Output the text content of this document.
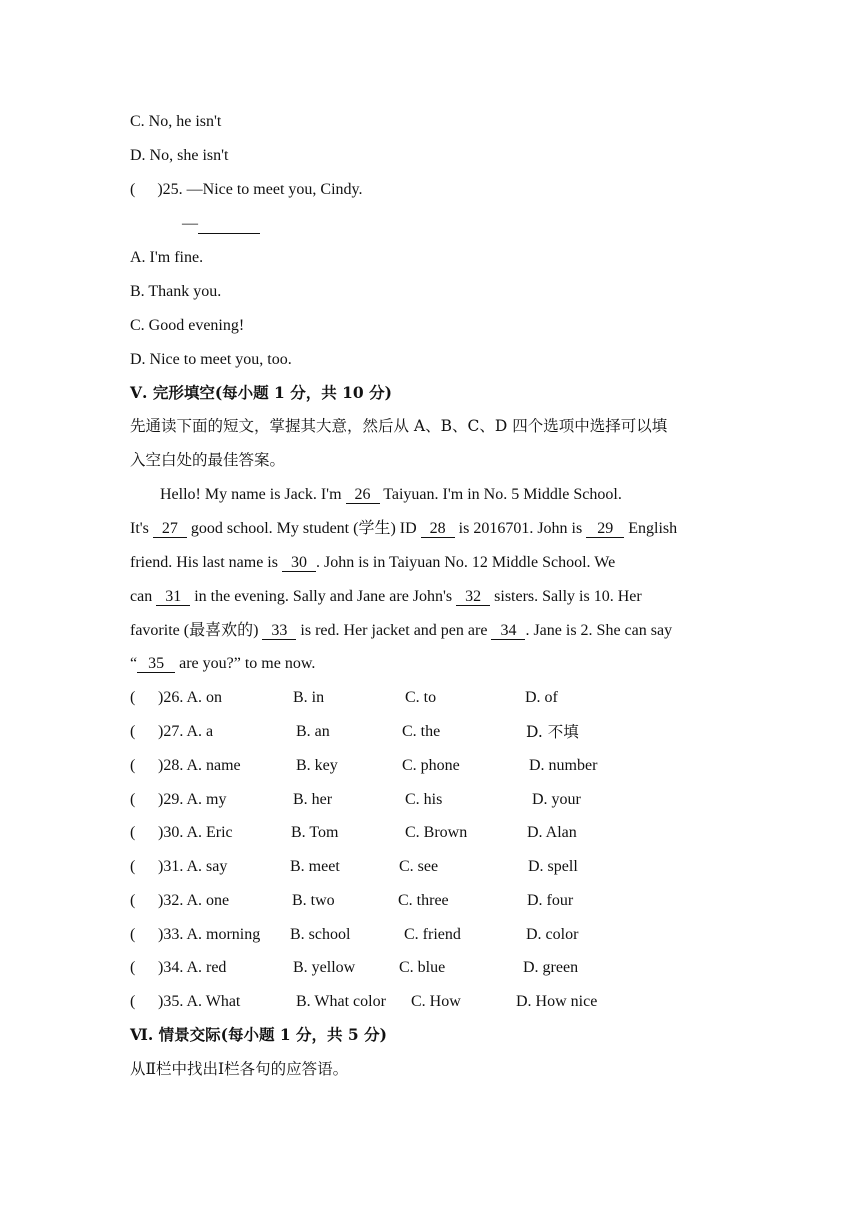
C. No, he isn't
D. No, she isn't
( )25. —Nice to meet you, Cindy.
—
A. I'm fine.
B. Thank you.
C. Good evening!
D. Nice to meet you, too.
Ⅴ. 完形填空(每小题 1 分，共 10 分)
先通读下面的短文，掌握其大意，然后从 A、B、C、D 四个选项中选择可以填
入空白处的最佳答案。
Hello! My name is Jack. I'm 26 Taiyuan. I'm in No. 5 Middle School.
It's 27 good school. My student (学生) ID 28 is 2016701. John is 29 English
friend. His last name is 30 . John is in Taiyuan No. 12 Middle School. We
can 31 in the evening. Sally and Jane are John's 32 sisters. Sally is 10. Her
favorite (最喜欢的) 33 is red. Her jacket and pen are 34 . Jane is 2. She can say
“ 35 are you?” to me now.
( )26. A. on	B. in	C. to	D. of
( )27. A. a	B. an	C. the	D. 不填
( )28. A. name	B. key	C. phone	D. number
( )29. A. my	B. her	C. his	D. your
( )30. A. Eric	B. Tom	C. Brown	D. Alan
( )31. A. say	B. meet	C. see	D. spell
( )32. A. one	B. two	C. three	D. four
( )33. A. morning B. school	C. friend	D. color
( )34. A. red	B. yellow	C. blue	D. green
( )35. A. What	B. What color C. How	D. How nice
Ⅵ. 情景交际(每小题 1 分，共 5 分)
从Ⅱ栏中找出Ⅰ栏各句的应答语。
